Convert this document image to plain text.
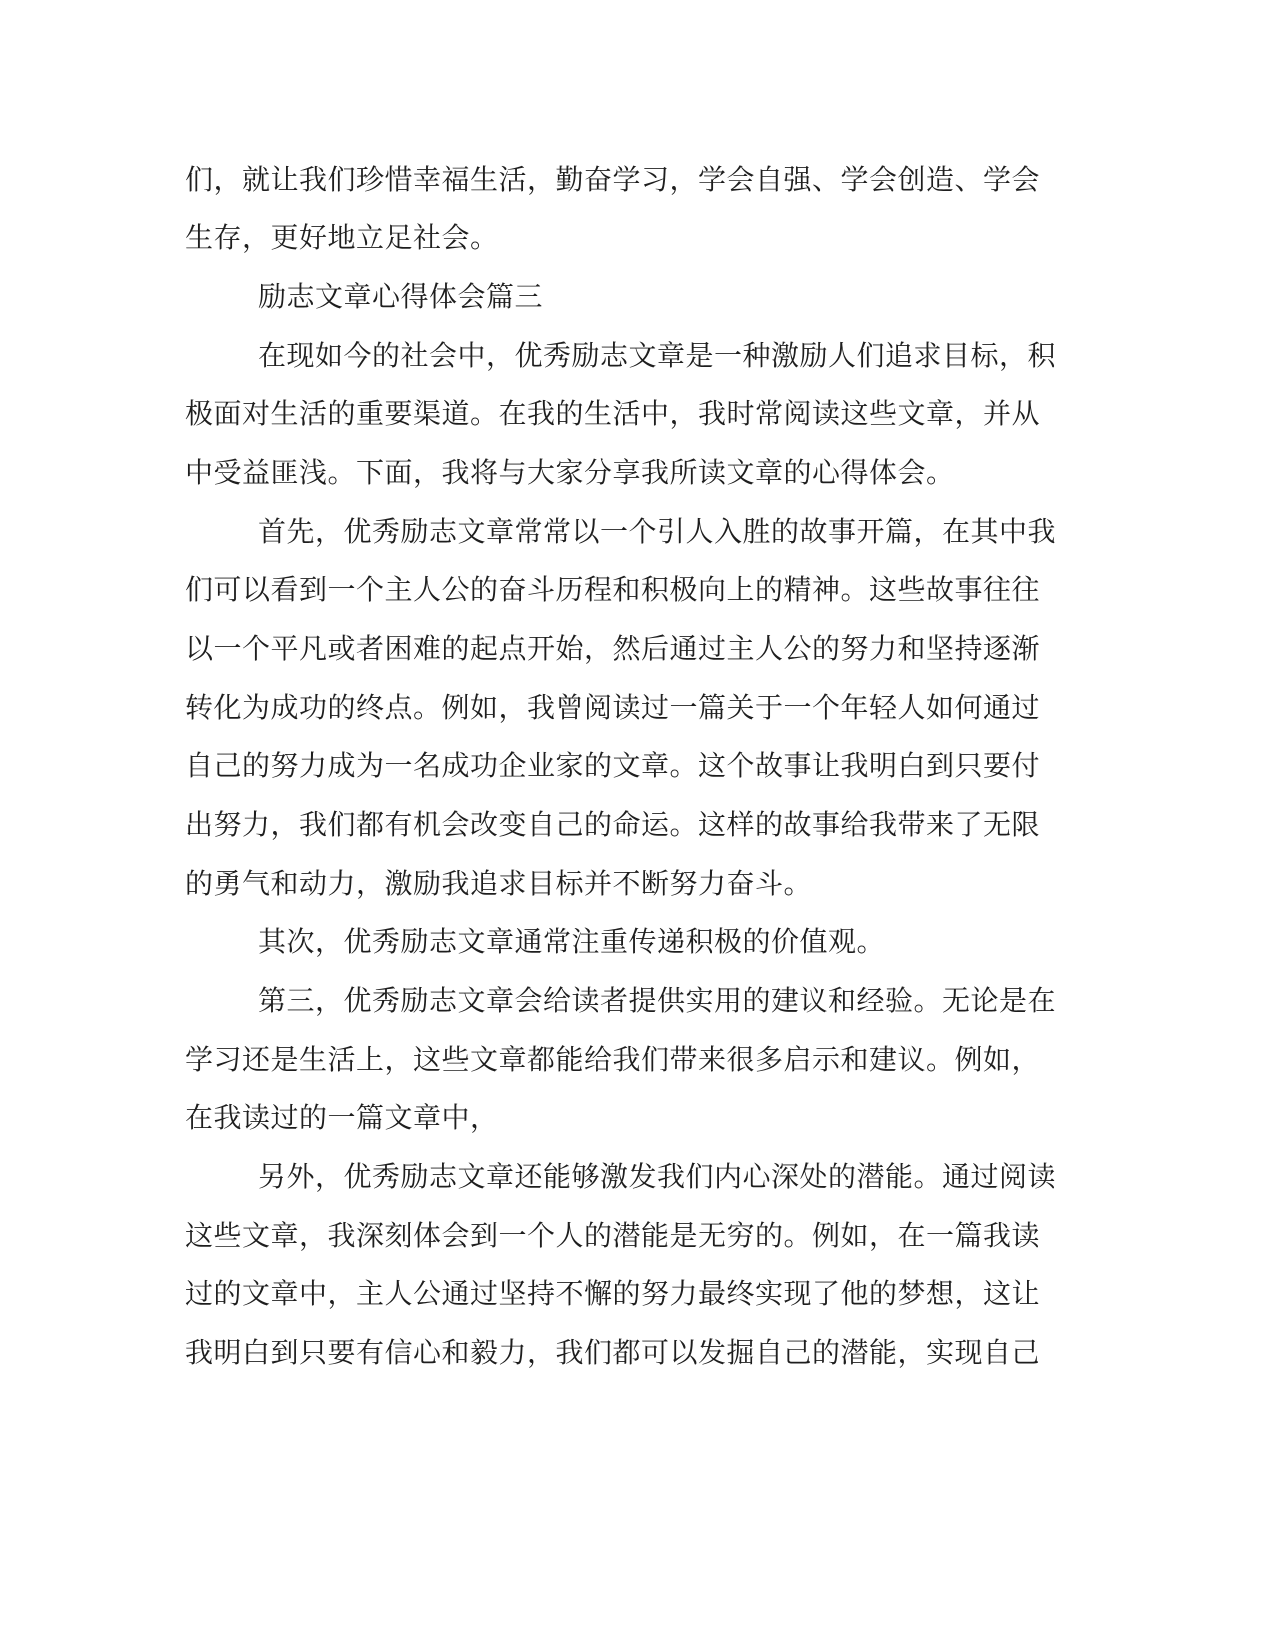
们，就让我们珍惜幸福生活，勤奋学习，学会自强、学会创造、学会
生存，更好地立足社会。
励志文章心得体会篇三
在现如今的社会中，优秀励志文章是一种激励人们追求目标，积
极面对生活的重要渠道。在我的生活中，我时常阅读这些文章，并从
中受益匪浅。下面，我将与大家分享我所读文章的心得体会。
首先，优秀励志文章常常以一个引人入胜的故事开篇，在其中我
们可以看到一个主人公的奋斗历程和积极向上的精神。这些故事往往
以一个平凡或者困难的起点开始，然后通过主人公的努力和坚持逐渐
转化为成功的终点。例如，我曾阅读过一篇关于一个年轻人如何通过
自己的努力成为一名成功企业家的文章。这个故事让我明白到只要付
出努力，我们都有机会改变自己的命运。这样的故事给我带来了无限
的勇气和动力，激励我追求目标并不断努力奋斗。
其次，优秀励志文章通常注重传递积极的价值观。
第三，优秀励志文章会给读者提供实用的建议和经验。无论是在
学习还是生活上，这些文章都能给我们带来很多启示和建议。例如，
在我读过的一篇文章中，
另外，优秀励志文章还能够激发我们内心深处的潜能。通过阅读
这些文章，我深刻体会到一个人的潜能是无穷的。例如，在一篇我读
过的文章中，主人公通过坚持不懈的努力最终实现了他的梦想，这让
我明白到只要有信心和毅力，我们都可以发掘自己的潜能，实现自己
